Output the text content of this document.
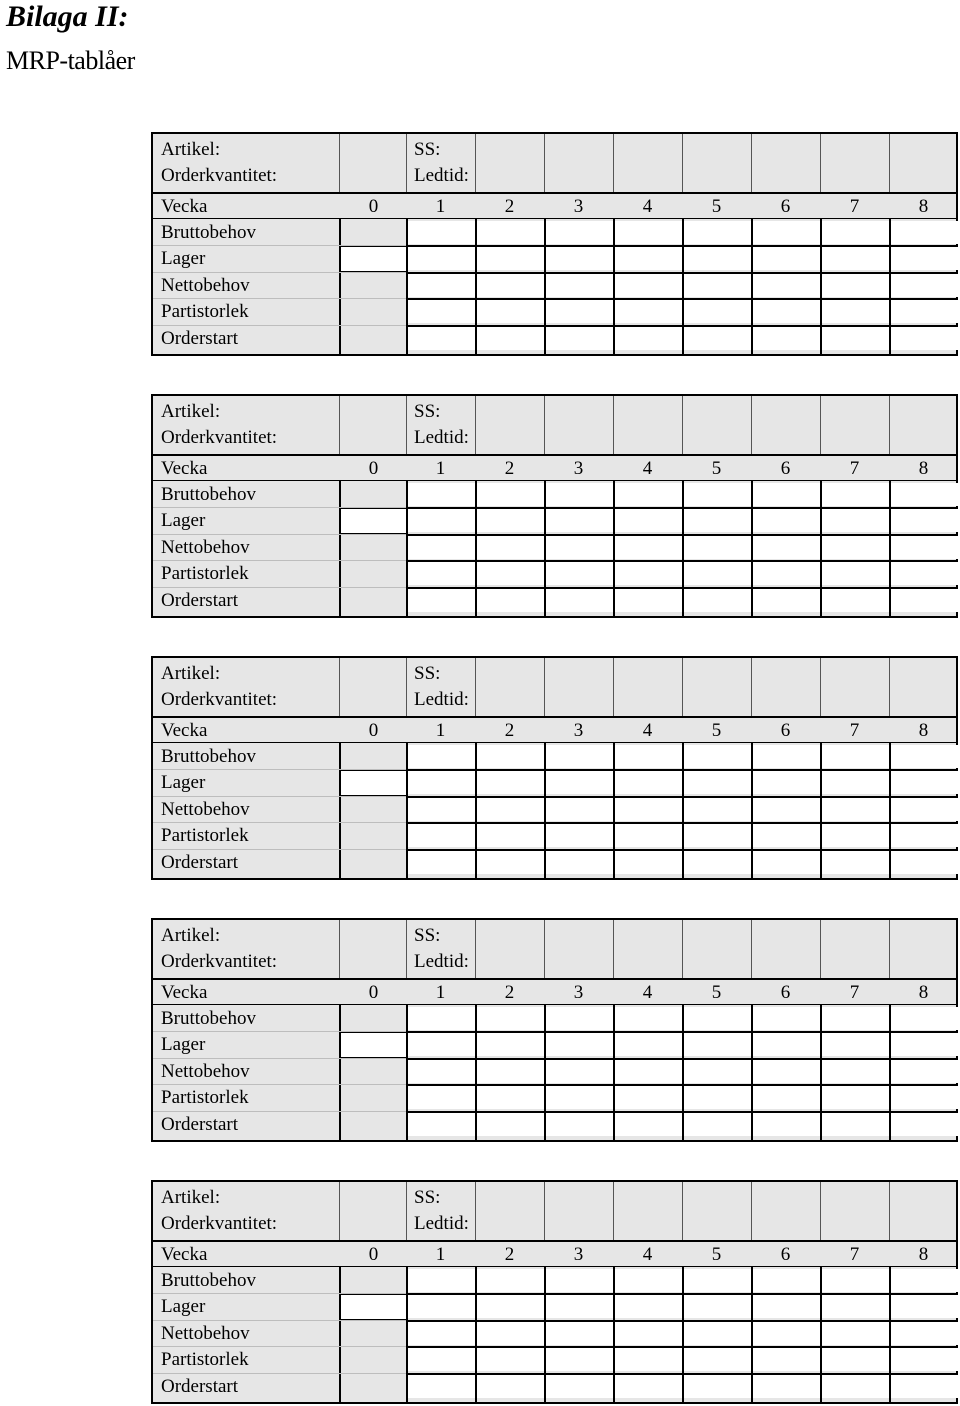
Bilaga II:
MRP-tablåer
Artikel:
Orderkvantitet:
SS:
Ledtid:
Vecka	0	1	2	3	4	5	6	7	8
Bruttobehov
Lager
Nettobehov
Partistorlek
Orderstart
Artikel:
Orderkvantitet:
SS:
Ledtid:
Vecka	0	1	2	3	4	5	6	7	8
Bruttobehov
Lager
Nettobehov
Partistorlek
Orderstart
Artikel:
Orderkvantitet:
SS:
Ledtid:
Vecka	0	1	2	3	4	5	6	7	8
Bruttobehov
Lager
Nettobehov
Partistorlek
Orderstart
Artikel:
Orderkvantitet:
SS:
Ledtid:
Vecka	0	1	2	3	4	5	6	7	8
Bruttobehov
Lager
Nettobehov
Partistorlek
Orderstart
Artikel:
Orderkvantitet:
SS:
Ledtid:
Vecka	0	1	2	3	4	5	6	7	8
Bruttobehov
Lager
Nettobehov
Partistorlek
Orderstart
